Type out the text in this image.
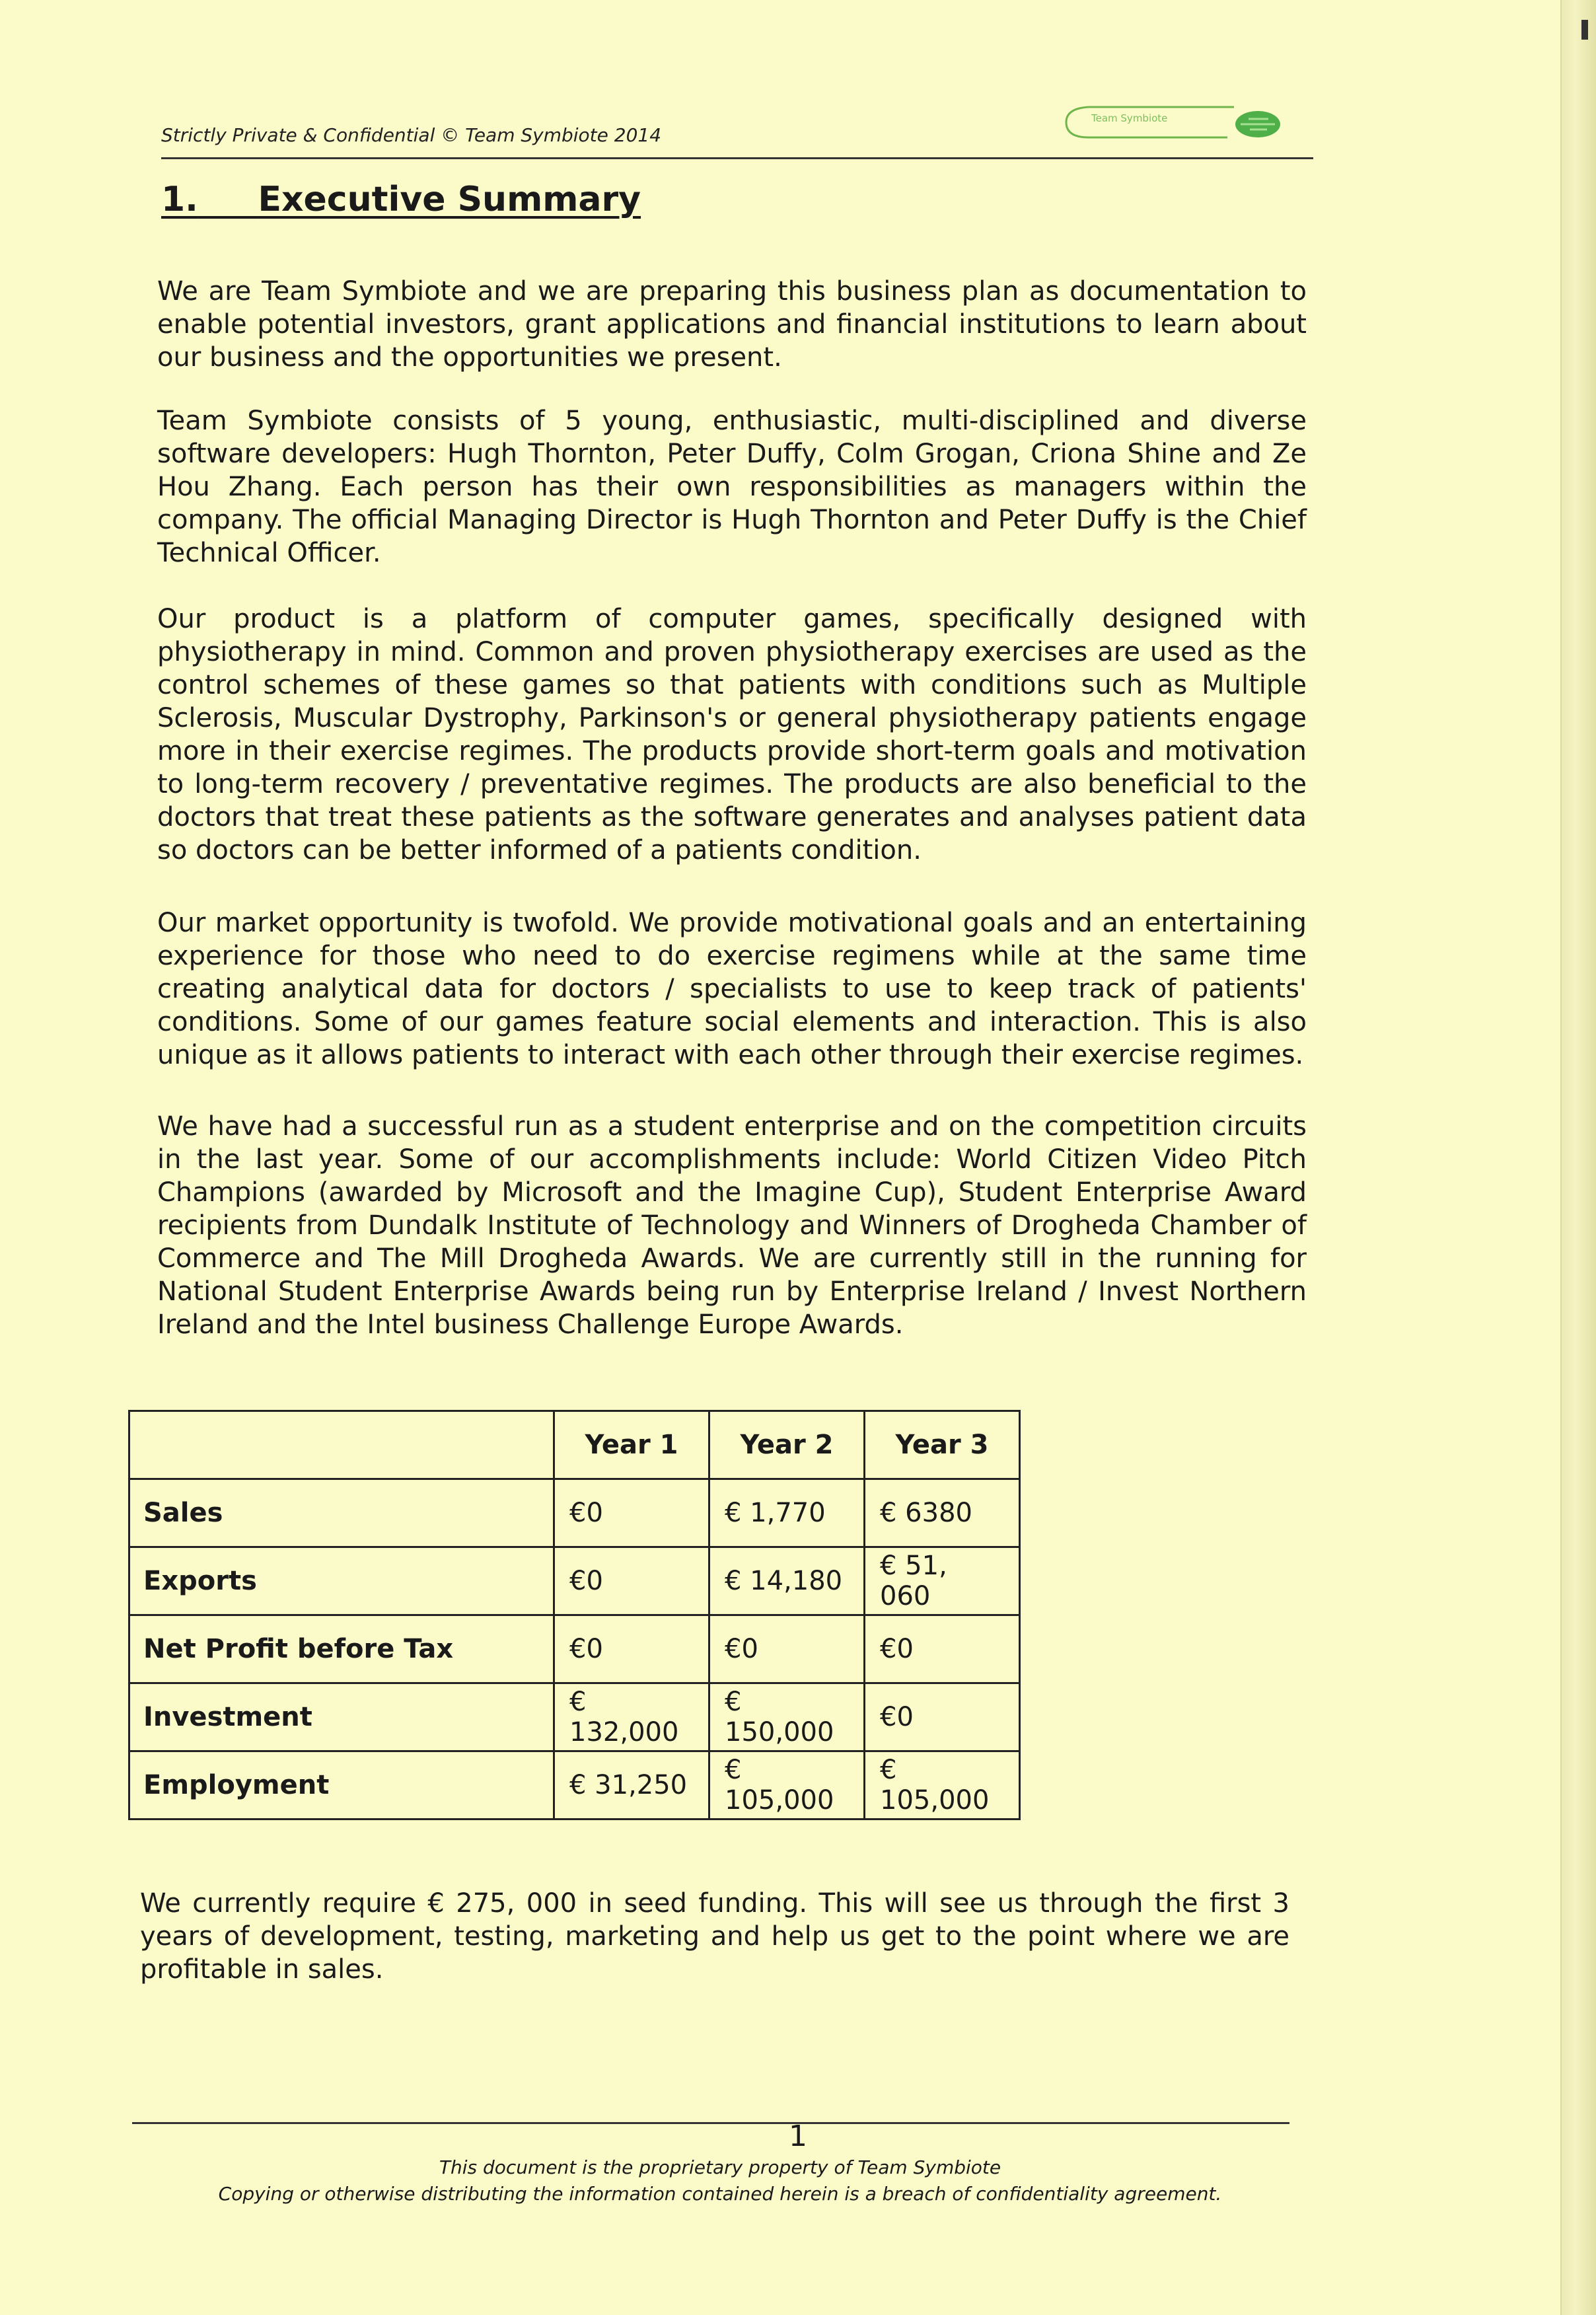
Strictly Private & Confidential © Team Symbiote 2014
Team Symbiote
1. Executive Summary

We are Team Symbiote and we are preparing this business plan as documentation to enable potential investors, grant applications and financial institutions to learn about our business and the opportunities we present.

Team Symbiote consists of 5 young, enthusiastic, multi-disciplined and diverse software developers: Hugh Thornton, Peter Duffy, Colm Grogan, Criona Shine and Ze Hou Zhang. Each person has their own responsibilities as managers within the company. The official Managing Director is Hugh Thornton and Peter Duffy is the Chief Technical Officer.

Our product is a platform of computer games, specifically designed with physiotherapy in mind. Common and proven physiotherapy exercises are used as the control schemes of these games so that patients with conditions such as Multiple Sclerosis, Muscular Dystrophy, Parkinson's or general physiotherapy patients engage more in their exercise regimes. The products provide short-term goals and motivation to long-term recovery / preventative regimes. The products are also beneficial to the doctors that treat these patients as the software generates and analyses patient data so doctors can be better informed of a patients condition.

Our market opportunity is twofold. We provide motivational goals and an entertaining experience for those who need to do exercise regimens while at the same time creating analytical data for doctors / specialists to use to keep track of patients' conditions. Some of our games feature social elements and interaction. This is also unique as it allows patients to interact with each other through their exercise regimes.

We have had a successful run as a student enterprise and on the competition circuits in the last year. Some of our accomplishments include: World Citizen Video Pitch Champions (awarded by Microsoft and the Imagine Cup), Student Enterprise Award recipients from Dundalk Institute of Technology and Winners of Drogheda Chamber of Commerce and The Mill Drogheda Awards. We are currently still in the running for National Student Enterprise Awards being run by Enterprise Ireland / Invest Northern Ireland and the Intel business Challenge Europe Awards.

	Year 1	Year 2	Year 3
Sales	€0	€ 1,770	€ 6380
Exports	€0	€ 14,180	€ 51, 060
Net Profit before Tax	€0	€0	€0
Investment	€ 132,000	€ 150,000	€0
Employment	€ 31,250	€ 105,000	€ 105,000

We currently require € 275, 000 in seed funding. This will see us through the first 3 years of development, testing, marketing and help us get to the point where we are profitable in sales.

1
This document is the proprietary property of Team Symbiote
Copying or otherwise distributing the information contained herein is a breach of confidentiality agreement.
